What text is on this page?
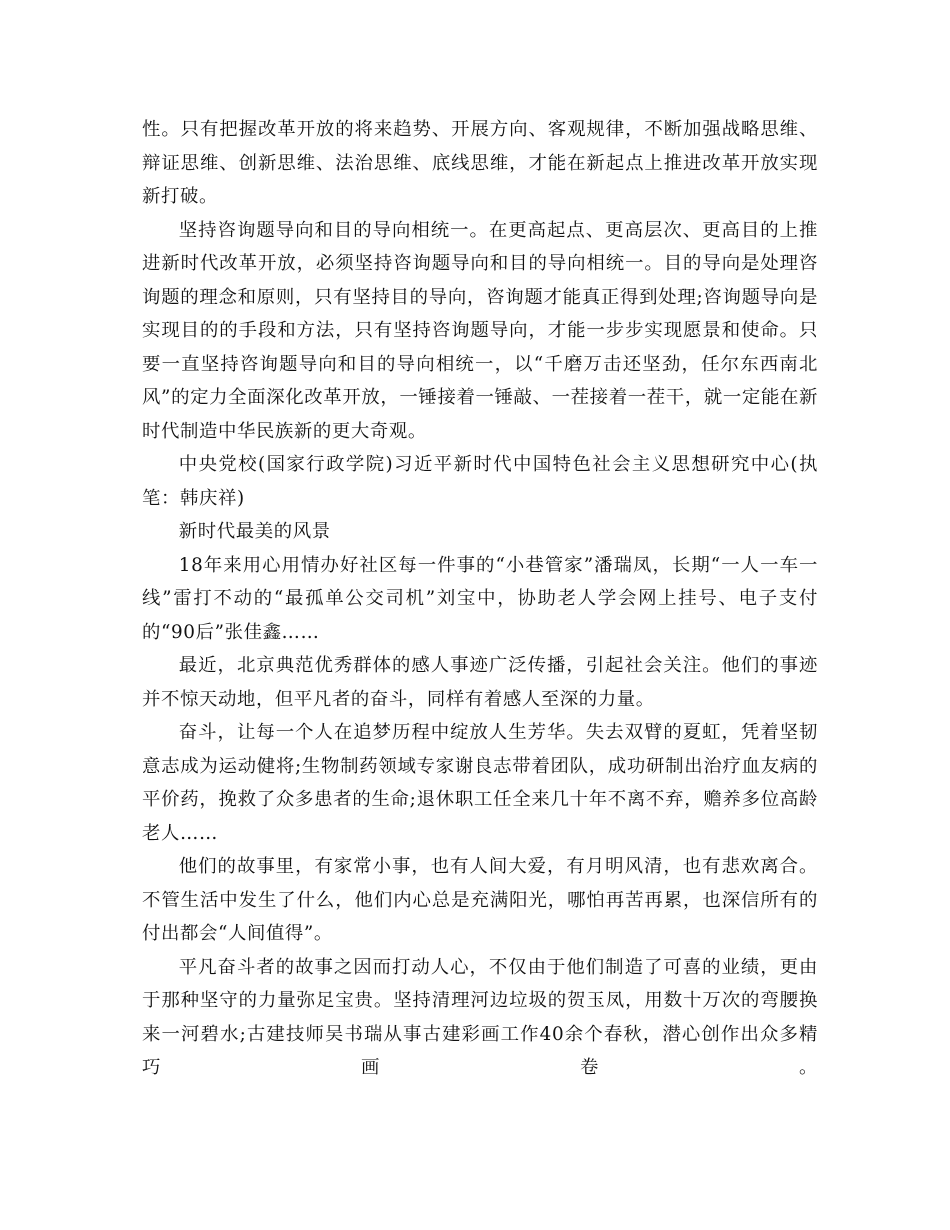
性。只有把握改革开放的将来趋势、开展方向、客观规律，不断加强战略思维、辩证思维、创新思维、法治思维、底线思维，才能在新起点上推进改革开放实现新打破。

坚持咨询题导向和目的导向相统一。在更高起点、更高层次、更高目的上推进新时代改革开放，必须坚持咨询题导向和目的导向相统一。目的导向是处理咨询题的理念和原则，只有坚持目的导向，咨询题才能真正得到处理;咨询题导向是实现目的的手段和方法，只有坚持咨询题导向，才能一步步实现愿景和使命。只要一直坚持咨询题导向和目的导向相统一，以“千磨万击还坚劲，任尔东西南北风”的定力全面深化改革开放，一锤接着一锤敲、一茬接着一茬干，就一定能在新时代制造中华民族新的更大奇观。

中央党校(国家行政学院)习近平新时代中国特色社会主义思想研究中心(执笔：韩庆祥)

新时代最美的风景

18年来用心用情办好社区每一件事的“小巷管家”潘瑞凤，长期“一人一车一线”雷打不动的“最孤单公交司机”刘宝中，协助老人学会网上挂号、电子支付的“90后”张佳鑫……

最近，北京典范优秀群体的感人事迹广泛传播，引起社会关注。他们的事迹并不惊天动地，但平凡者的奋斗，同样有着感人至深的力量。

奋斗，让每一个人在追梦历程中绽放人生芳华。失去双臂的夏虹，凭着坚韧意志成为运动健将;生物制药领域专家谢良志带着团队，成功研制出治疗血友病的平价药，挽救了众多患者的生命;退休职工任全来几十年不离不弃，赡养多位高龄老人……

他们的故事里，有家常小事，也有人间大爱，有月明风清，也有悲欢离合。不管生活中发生了什么，他们内心总是充满阳光，哪怕再苦再累，也深信所有的付出都会“人间值得”。

平凡奋斗者的故事之因而打动人心，不仅由于他们制造了可喜的业绩，更由于那种坚守的力量弥足宝贵。坚持清理河边垃圾的贺玉凤，用数十万次的弯腰换来一河碧水;古建技师吴书瑞从事古建彩画工作40余个春秋，潜心创作出众多精巧画卷。
